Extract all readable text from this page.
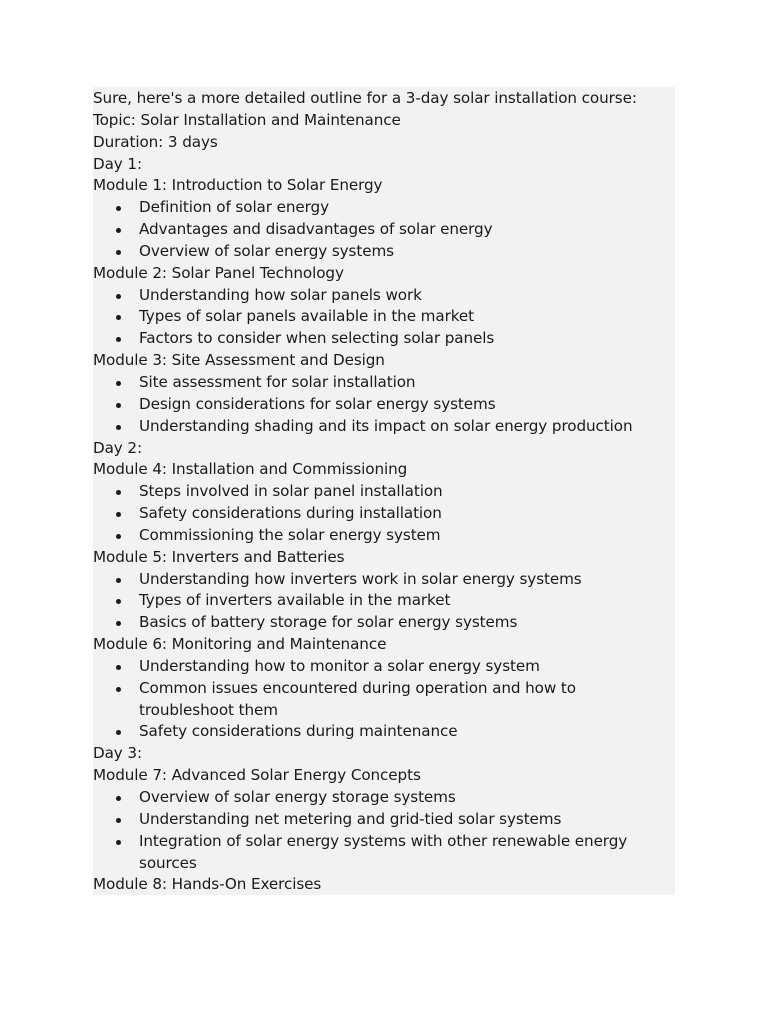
Sure, here's a more detailed outline for a 3-day solar installation course:
Topic: Solar Installation and Maintenance
Duration: 3 days
Day 1:
Module 1: Introduction to Solar Energy
Definition of solar energy
Advantages and disadvantages of solar energy
Overview of solar energy systems
Module 2: Solar Panel Technology
Understanding how solar panels work
Types of solar panels available in the market
Factors to consider when selecting solar panels
Module 3: Site Assessment and Design
Site assessment for solar installation
Design considerations for solar energy systems
Understanding shading and its impact on solar energy production
Day 2:
Module 4: Installation and Commissioning
Steps involved in solar panel installation
Safety considerations during installation
Commissioning the solar energy system
Module 5: Inverters and Batteries
Understanding how inverters work in solar energy systems
Types of inverters available in the market
Basics of battery storage for solar energy systems
Module 6: Monitoring and Maintenance
Understanding how to monitor a solar energy system
Common issues encountered during operation and how to troubleshoot them
Safety considerations during maintenance
Day 3:
Module 7: Advanced Solar Energy Concepts
Overview of solar energy storage systems
Understanding net metering and grid-tied solar systems
Integration of solar energy systems with other renewable energy sources
Module 8: Hands-On Exercises
